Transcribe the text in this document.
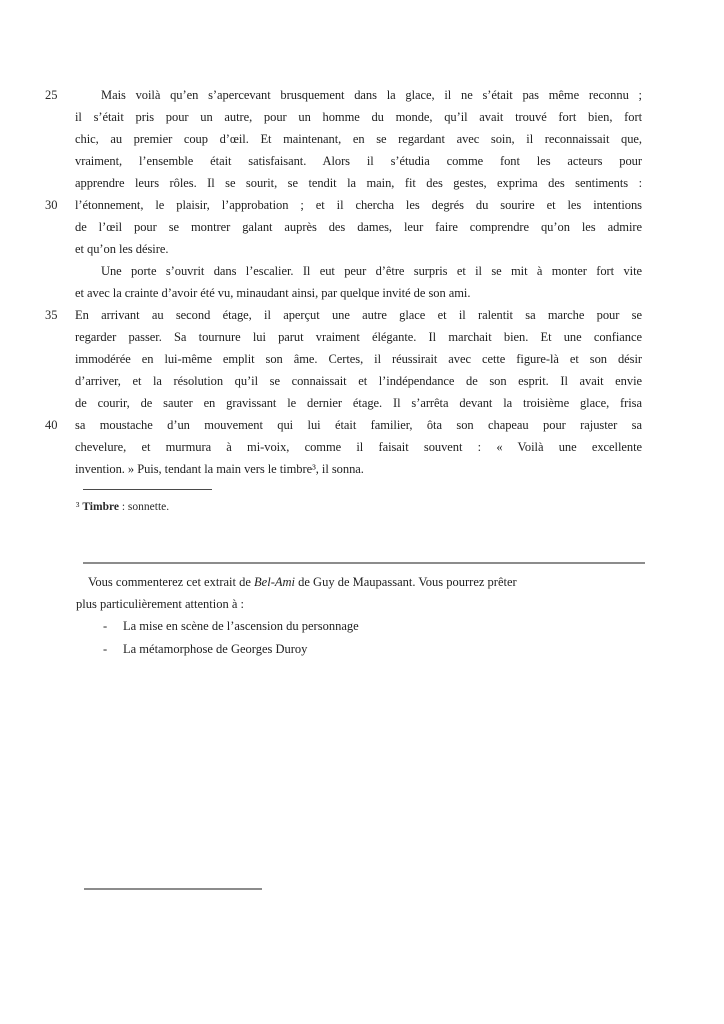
25	Mais voilà qu’en s’apercevant brusquement dans la glace, il ne s’était pas même reconnu ;
il s’était pris pour un autre, pour un homme du monde, qu’il avait trouvé fort bien, fort
chic, au premier coup d’œil. Et maintenant, en se regardant avec soin, il reconnaissait que,
vraiment, l’ensemble était satisfaisant. Alors il s’étudia comme font les acteurs pour
apprendre leurs rôles. Il se sourit, se tendit la main, fit des gestes, exprima des sentiments :
30	l’étonnement, le plaisir, l’approbation ; et il chercha les degrés du sourire et les intentions
de l’œil pour se montrer galant auprès des dames, leur faire comprendre qu’on les admire
et qu’on les désire.
Une porte s’ouvrit dans l’escalier. Il eut peur d’être surpris et il se mit à monter fort vite
et avec la crainte d’avoir été vu, minaudant ainsi, par quelque invité de son ami.
35	En arrivant au second étage, il aperçut une autre glace et il ralentit sa marche pour se
regarder passer. Sa tournure lui parut vraiment élégante. Il marchait bien. Et une confiance
immodérée en lui-même emplit son âme. Certes, il réussirait avec cette figure-là et son désir
d’arriver, et la résolution qu’il se connaissait et l’indépendance de son esprit. Il avait envie
de courir, de sauter en gravissant le dernier étage. Il s’arrêta devant la troisième glace, frisa
40	sa moustache d’un mouvement qui lui était familier, ôta son chapeau pour rajuster sa
chevelure, et murmura à mi-voix, comme il faisait souvent : « Voilà une excellente
invention. » Puis, tendant la main vers le timbre³, il sonna.
³ Timbre : sonnette.
Vous commenterez cet extrait de Bel-Ami de Guy de Maupassant. Vous pourrez prêter
plus particulièrement attention à :
-	La mise en scène de l’ascension du personnage
-	La métamorphose de Georges Duroy
